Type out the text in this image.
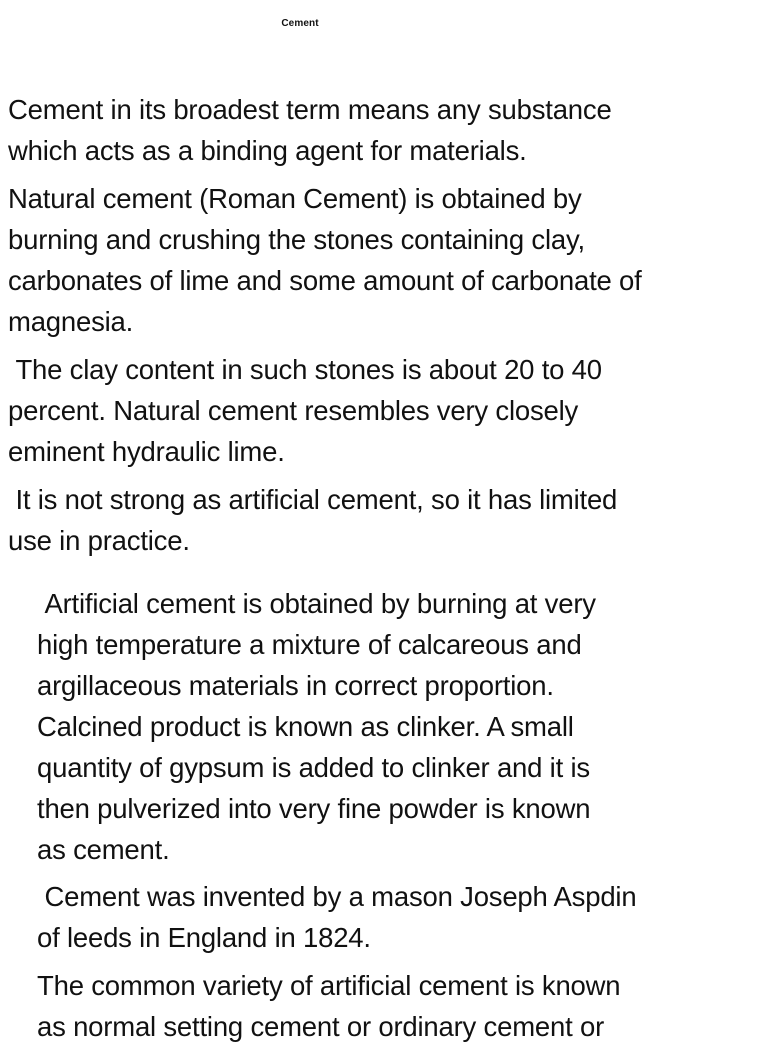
Cement

Cement in its broadest term means any substance
which acts as a binding agent for materials.

Natural cement (Roman Cement) is obtained by
burning and crushing the stones containing clay,
carbonates of lime and some amount of carbonate of
magnesia.

The clay content in such stones is about 20 to 40
percent. Natural cement resembles very closely
eminent hydraulic lime.

It is not strong as artificial cement, so it has limited
use in practice.

Artificial cement is obtained by burning at very
high temperature a mixture of calcareous and
argillaceous materials in correct proportion.
Calcined product is known as clinker. A small
quantity of gypsum is added to clinker and it is
then pulverized into very fine powder is known
as cement.

Cement was invented by a mason Joseph Aspdin
of leeds in England in 1824.

The common variety of artificial cement is known
as normal setting cement or ordinary cement or
